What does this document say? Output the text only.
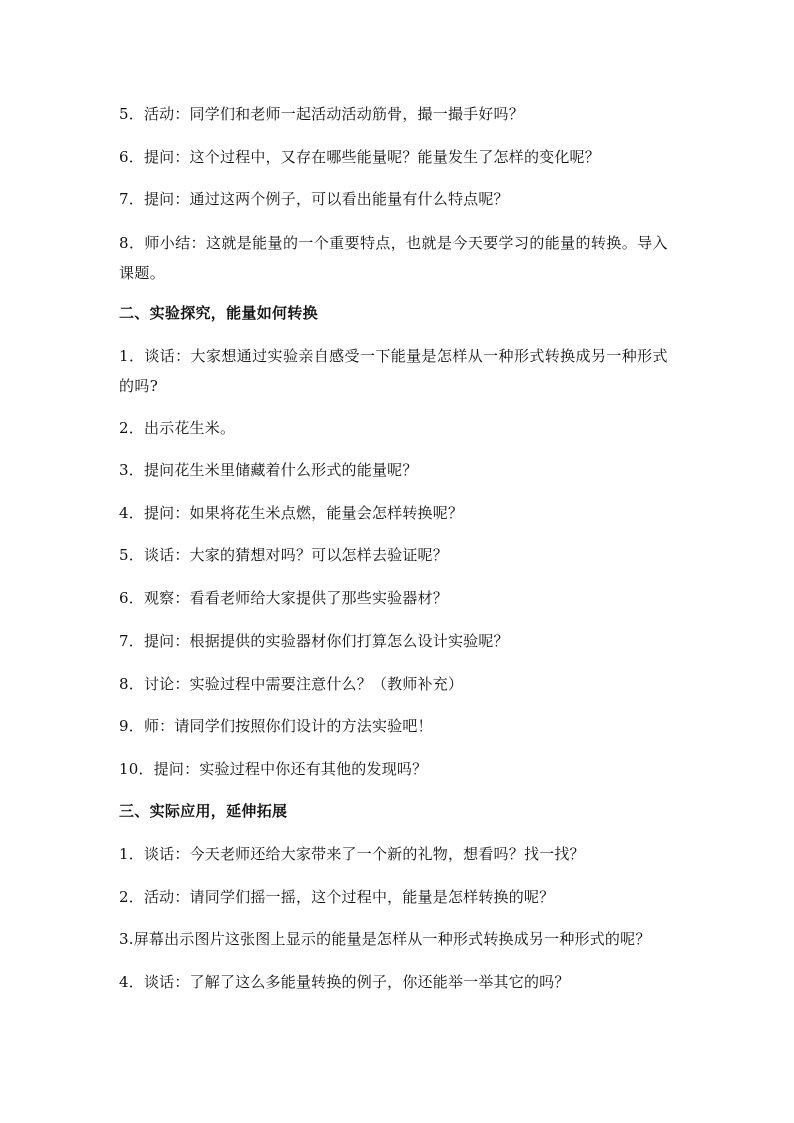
5．活动：同学们和老师一起活动活动筋骨，撮一撮手好吗？
6．提问：这个过程中，又存在哪些能量呢？能量发生了怎样的变化呢？
7．提问：通过这两个例子，可以看出能量有什么特点呢？
8．师小结：这就是能量的一个重要特点，也就是今天要学习的能量的转换。导入课题。
二、实验探究，能量如何转换
1．谈话：大家想通过实验亲自感受一下能量是怎样从一种形式转换成另一种形式的吗?
2．出示花生米。
3．提问花生米里储藏着什么形式的能量呢？
4．提问：如果将花生米点燃，能量会怎样转换呢？
5．谈话：大家的猜想对吗？可以怎样去验证呢？
6．观察：看看老师给大家提供了那些实验器材？
7．提问：根据提供的实验器材你们打算怎么设计实验呢？
8．讨论：实验过程中需要注意什么？（教师补充）
9．师：请同学们按照你们设计的方法实验吧！
10．提问：实验过程中你还有其他的发现吗？
三、实际应用，延伸拓展
1．谈话：今天老师还给大家带来了一个新的礼物，想看吗？找一找？
2．活动：请同学们摇一摇，这个过程中，能量是怎样转换的呢？
3.屏幕出示图片这张图上显示的能量是怎样从一种形式转换成另一种形式的呢？
4．谈话：了解了这么多能量转换的例子，你还能举一举其它的吗？
